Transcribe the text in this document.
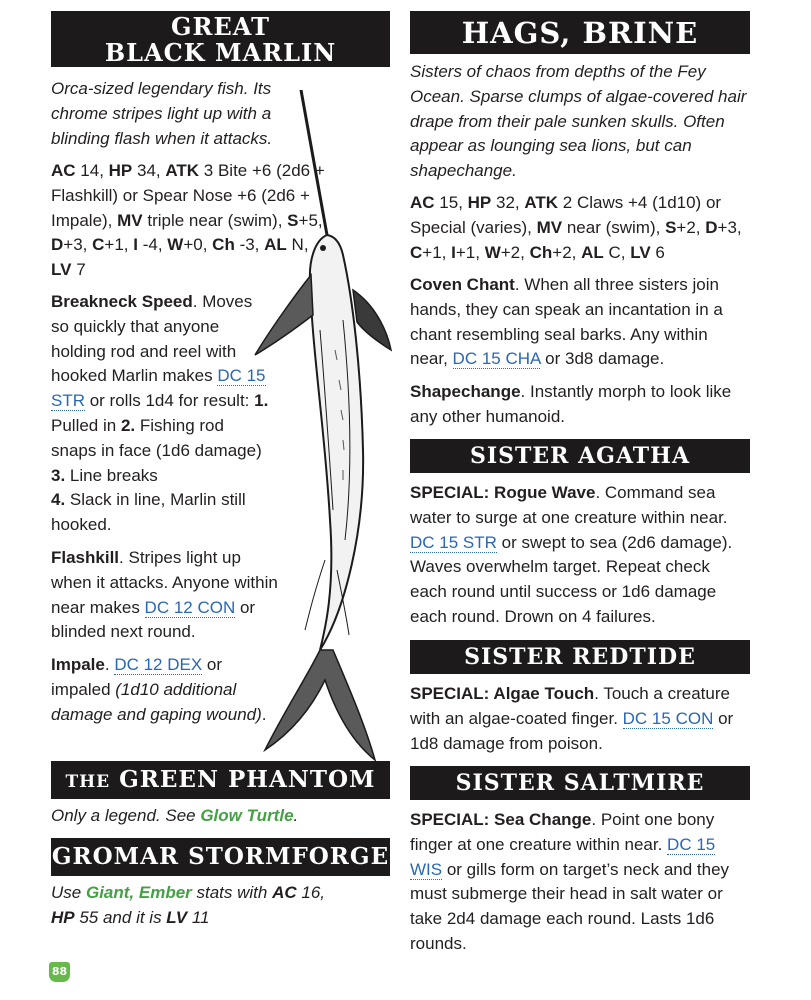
GREAT
BLACK MARLIN

Orca-sized legendary fish. Its chrome stripes light up with a blinding flash when it attacks.

AC 14, HP 34, ATK 3 Bite +6 (2d6 + Flashkill) or Spear Nose +6 (2d6 + Impale), MV triple near (swim), S+5, D+3, C+1, I -4, W+0, Ch -3, AL N, LV 7

Breakneck Speed. Moves so quickly that anyone holding rod and reel with hooked Marlin makes DC 15 STR or rolls 1d4 for result: 1. Pulled in 2. Fishing rod snaps in face (1d6 damage) 3. Line breaks
4. Slack in line, Marlin still hooked.

Flashkill. Stripes light up when it attacks. Anyone within near makes DC 12 CON or blinded next round.

Impale. DC 12 DEX or impaled (1d10 additional damage and gaping wound).

THE GREEN PHANTOM

Only a legend. See Glow Turtle.

GROMAR STORMFORGE

Use Giant, Ember stats with AC 16,
HP 55 and it is LV 11

HAGS, BRINE

Sisters of chaos from depths of the Fey Ocean. Sparse clumps of algae-covered hair drape from their pale sunken skulls. Often appear as lounging sea lions, but can shapechange.

AC 15, HP 32, ATK 2 Claws +4 (1d10) or Special (varies), MV near (swim), S+2, D+3, C+1, I+1, W+2, Ch+2, AL C, LV 6

Coven Chant. When all three sisters join hands, they can speak an incantation in a chant resembling seal barks. Any within near, DC 15 CHA or 3d8 damage.

Shapechange. Instantly morph to look like any other humanoid.

SISTER AGATHA

SPECIAL: Rogue Wave. Command sea water to surge at one creature within near. DC 15 STR or swept to sea (2d6 damage). Waves overwhelm target. Repeat check each round until success or 1d6 damage each round. Drown on 4 failures.

SISTER REDTIDE

SPECIAL: Algae Touch. Touch a creature with an algae-coated finger. DC 15 CON or 1d8 damage from poison.

SISTER SALTMIRE

SPECIAL: Sea Change. Point one bony finger at one creature within near. DC 15 WIS or gills form on target’s neck and they must submerge their head in salt water or take 2d4 damage each round. Lasts 1d6 rounds.

88
